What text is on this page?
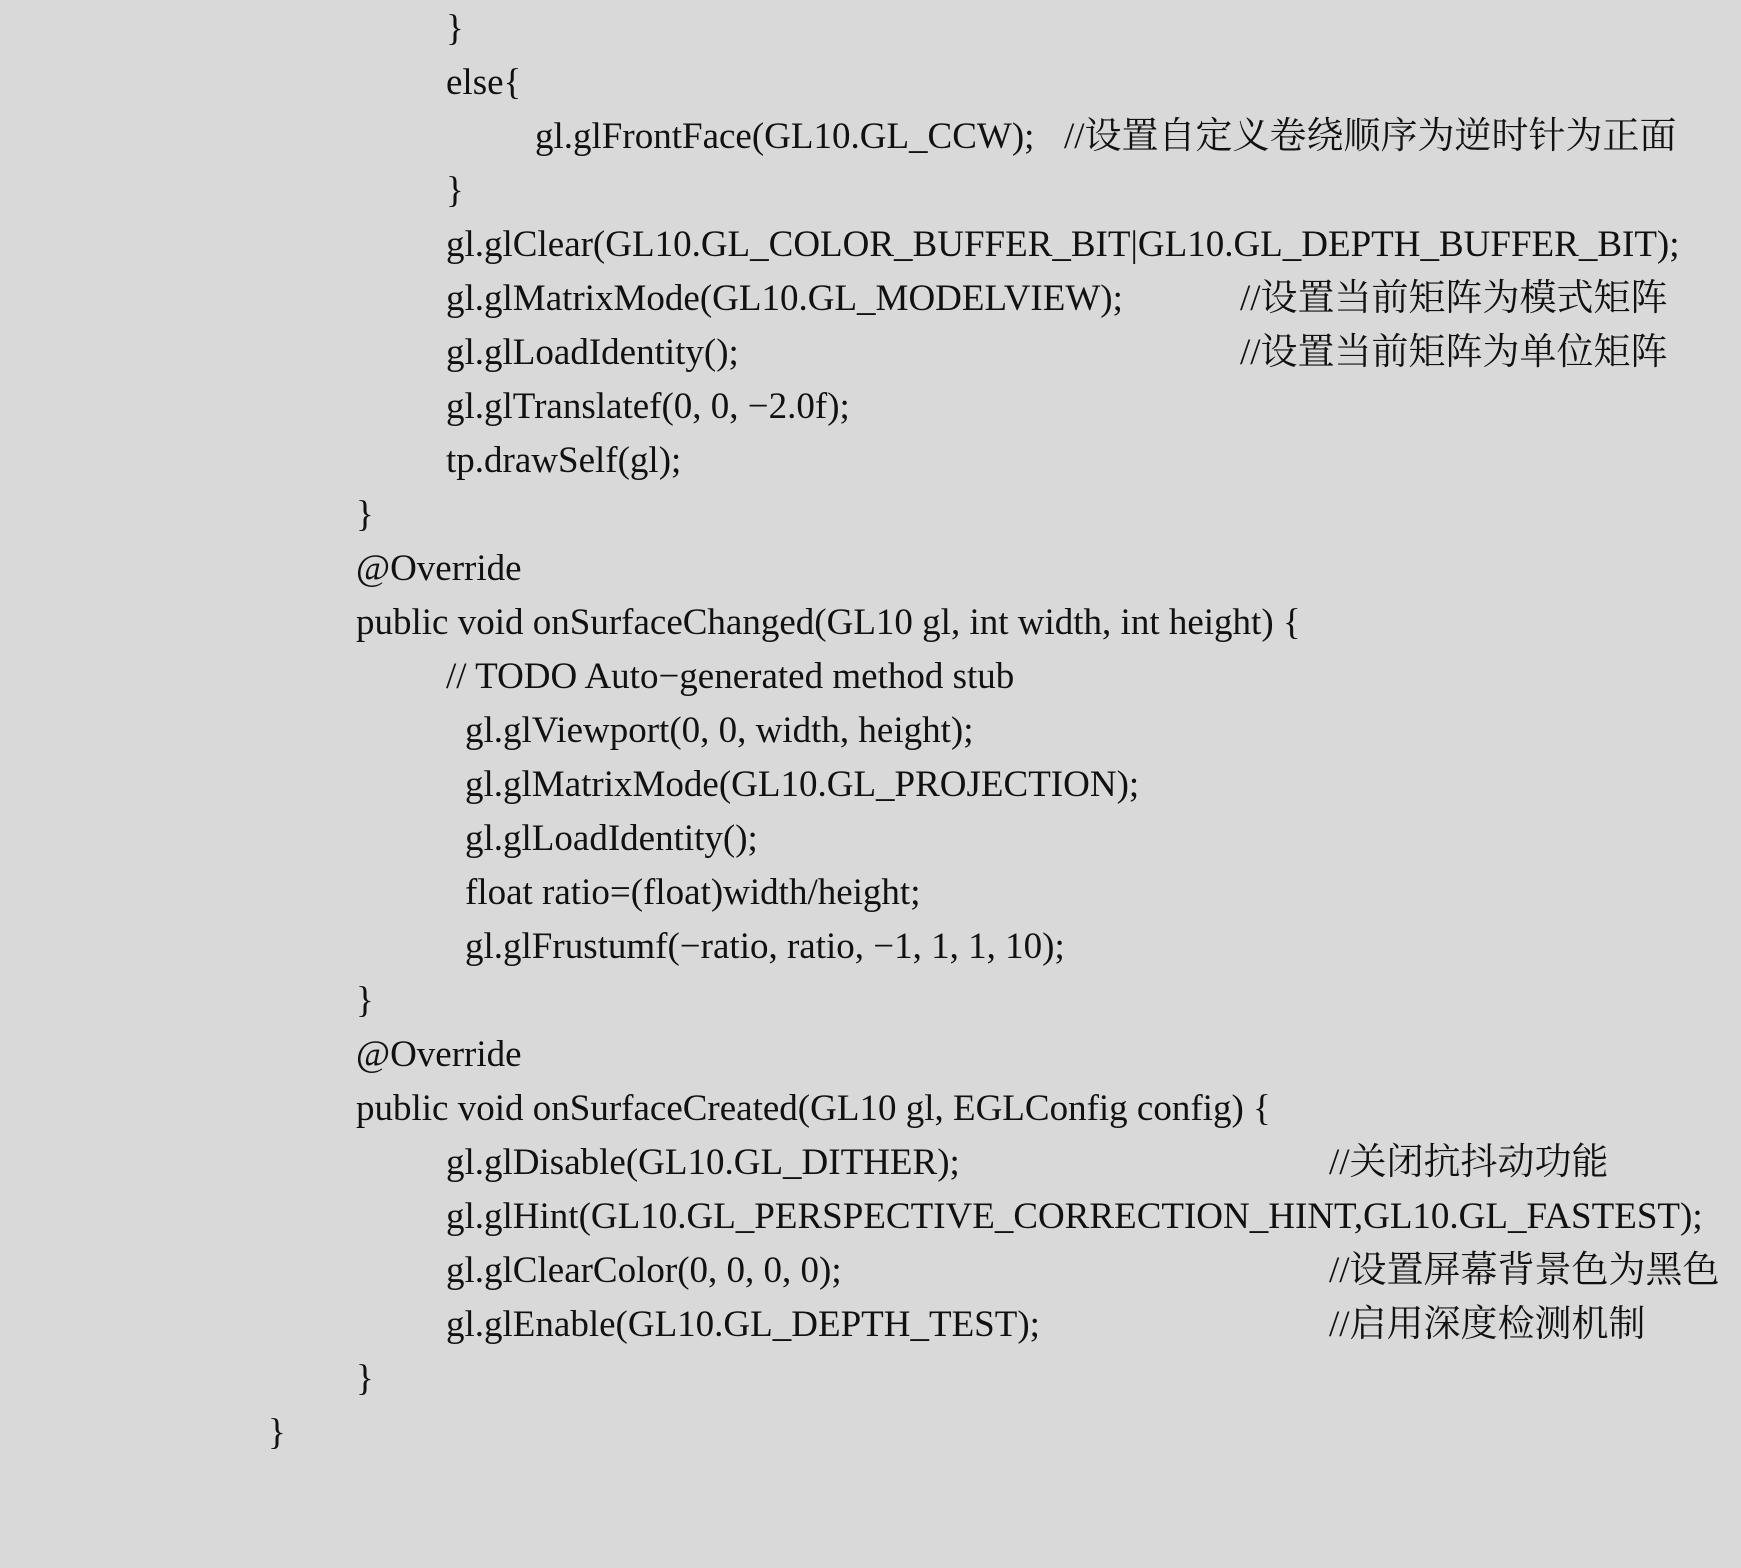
}

else{

gl.glFrontFace(GL10.GL_CCW);

//设置自定义卷绕顺序为逆时针为正面

}

gl.glClear(GL10.GL_COLOR_BUFFER_BIT|GL10.GL_DEPTH_BUFFER_BIT);

gl.glMatrixMode(GL10.GL_MODELVIEW);

	//设置当前矩阵为模式矩阵

gl.glLoadIdentity();

	//设置当前矩阵为单位矩阵

gl.glTranslatef(0, 0, −2.0f);

tp.drawSelf(gl);

}

@Override

public void onSurfaceChanged(GL10 gl, int width, int height) {

// TODO Auto−generated method stub

gl.glViewport(0, 0, width, height);

gl.glMatrixMode(GL10.GL_PROJECTION);

gl.glLoadIdentity();

float ratio=(float)width/height;

gl.glFrustumf(−ratio, ratio, −1, 1, 1, 10);

}

@Override

public void onSurfaceCreated(GL10 gl, EGLConfig config) {

gl.glDisable(GL10.GL_DITHER);

	//关闭抗抖动功能

gl.glHint(GL10.GL_PERSPECTIVE_CORRECTION_HINT,GL10.GL_FASTEST);

gl.glClearColor(0, 0, 0, 0);

	//设置屏幕背景色为黑色

gl.glEnable(GL10.GL_DEPTH_TEST);

	//启用深度检测机制

}

}
